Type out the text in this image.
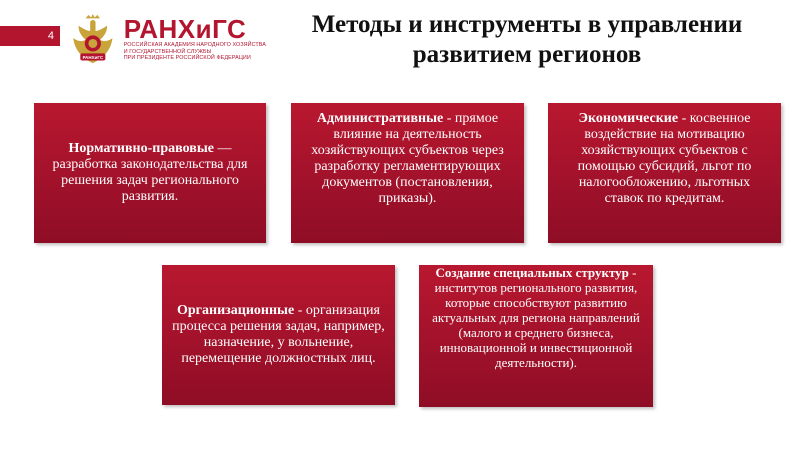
4
РАНХиГС
РАНХиГС
РОССИЙСКАЯ АКАДЕМИЯ НАРОДНОГО ХОЗЯЙСТВА
И ГОСУДАРСТВЕННОЙ СЛУЖБЫ
ПРИ ПРЕЗИДЕНТЕ РОССИЙСКОЙ ФЕДЕРАЦИИ
Методы и инструменты в управлении развитием регионов
Нормативно-правовые — разработка законодательства для решения задач регионального развития.
Административные - прямое влияние на деятельность хозяйствующих субъектов через разработку регламентирующих документов (постановления, приказы).
Экономические - косвенное воздействие на мотивацию хозяйствующих субъектов с помощью субсидий, льгот по налогообложению, льготных ставок по кредитам.
Организационные - организация процесса решения задач, например, назначение, у вольнение, перемещение должностных лиц.
Создание специальных структур - институтов регионального развития, которые способствуют развитию актуальных для региона направлений (малого и среднего бизнеса, инновационной и инвестиционной деятельности).
